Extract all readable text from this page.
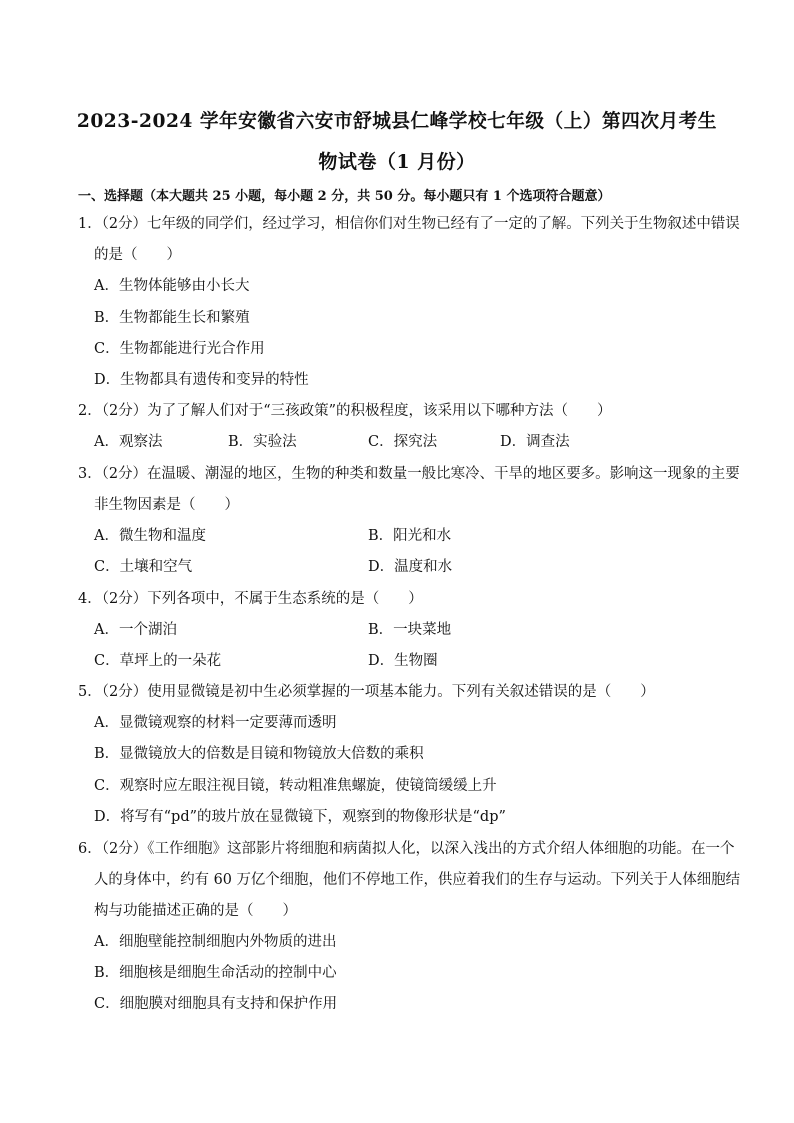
2023-2024 学年安徽省六安市舒城县仁峰学校七年级（上）第四次月考生
物试卷（1 月份）
一、选择题（本大题共 25 小题，每小题 2 分，共 50 分。每小题只有 1 个选项符合题意）
1．（2分）七年级的同学们，经过学习，相信你们对生物已经有了一定的了解。下列关于生物叙述中错误
的是（　　）
A．生物体能够由小长大
B．生物都能生长和繁殖
C．生物都能进行光合作用
D．生物都具有遗传和变异的特性
2．（2分）为了了解人们对于“三孩政策”的积极程度，该采用以下哪种方法（　　）
A．观察法	B．实验法	C．探究法	D．调查法
3．（2分）在温暖、潮湿的地区，生物的种类和数量一般比寒冷、干旱的地区要多。影响这一现象的主要
非生物因素是（　　）
A．微生物和温度	B．阳光和水
C．土壤和空气	D．温度和水
4．（2分）下列各项中，不属于生态系统的是（　　）
A．一个湖泊	B．一块菜地
C．草坪上的一朵花	D．生物圈
5．（2分）使用显微镜是初中生必须掌握的一项基本能力。下列有关叙述错误的是（　　）
A．显微镜观察的材料一定要薄而透明
B．显微镜放大的倍数是目镜和物镜放大倍数的乘积
C．观察时应左眼注视目镜，转动粗准焦螺旋，使镜筒缓缓上升
D．将写有“pd”的玻片放在显微镜下，观察到的物像形状是“dp”
6．（2分）《工作细胞》这部影片将细胞和病菌拟人化，以深入浅出的方式介绍人体细胞的功能。在一个
人的身体中，约有 60 万亿个细胞，他们不停地工作，供应着我们的生存与运动。下列关于人体细胞结
构与功能描述正确的是（　　）
A．细胞壁能控制细胞内外物质的进出
B．细胞核是细胞生命活动的控制中心
C．细胞膜对细胞具有支持和保护作用
